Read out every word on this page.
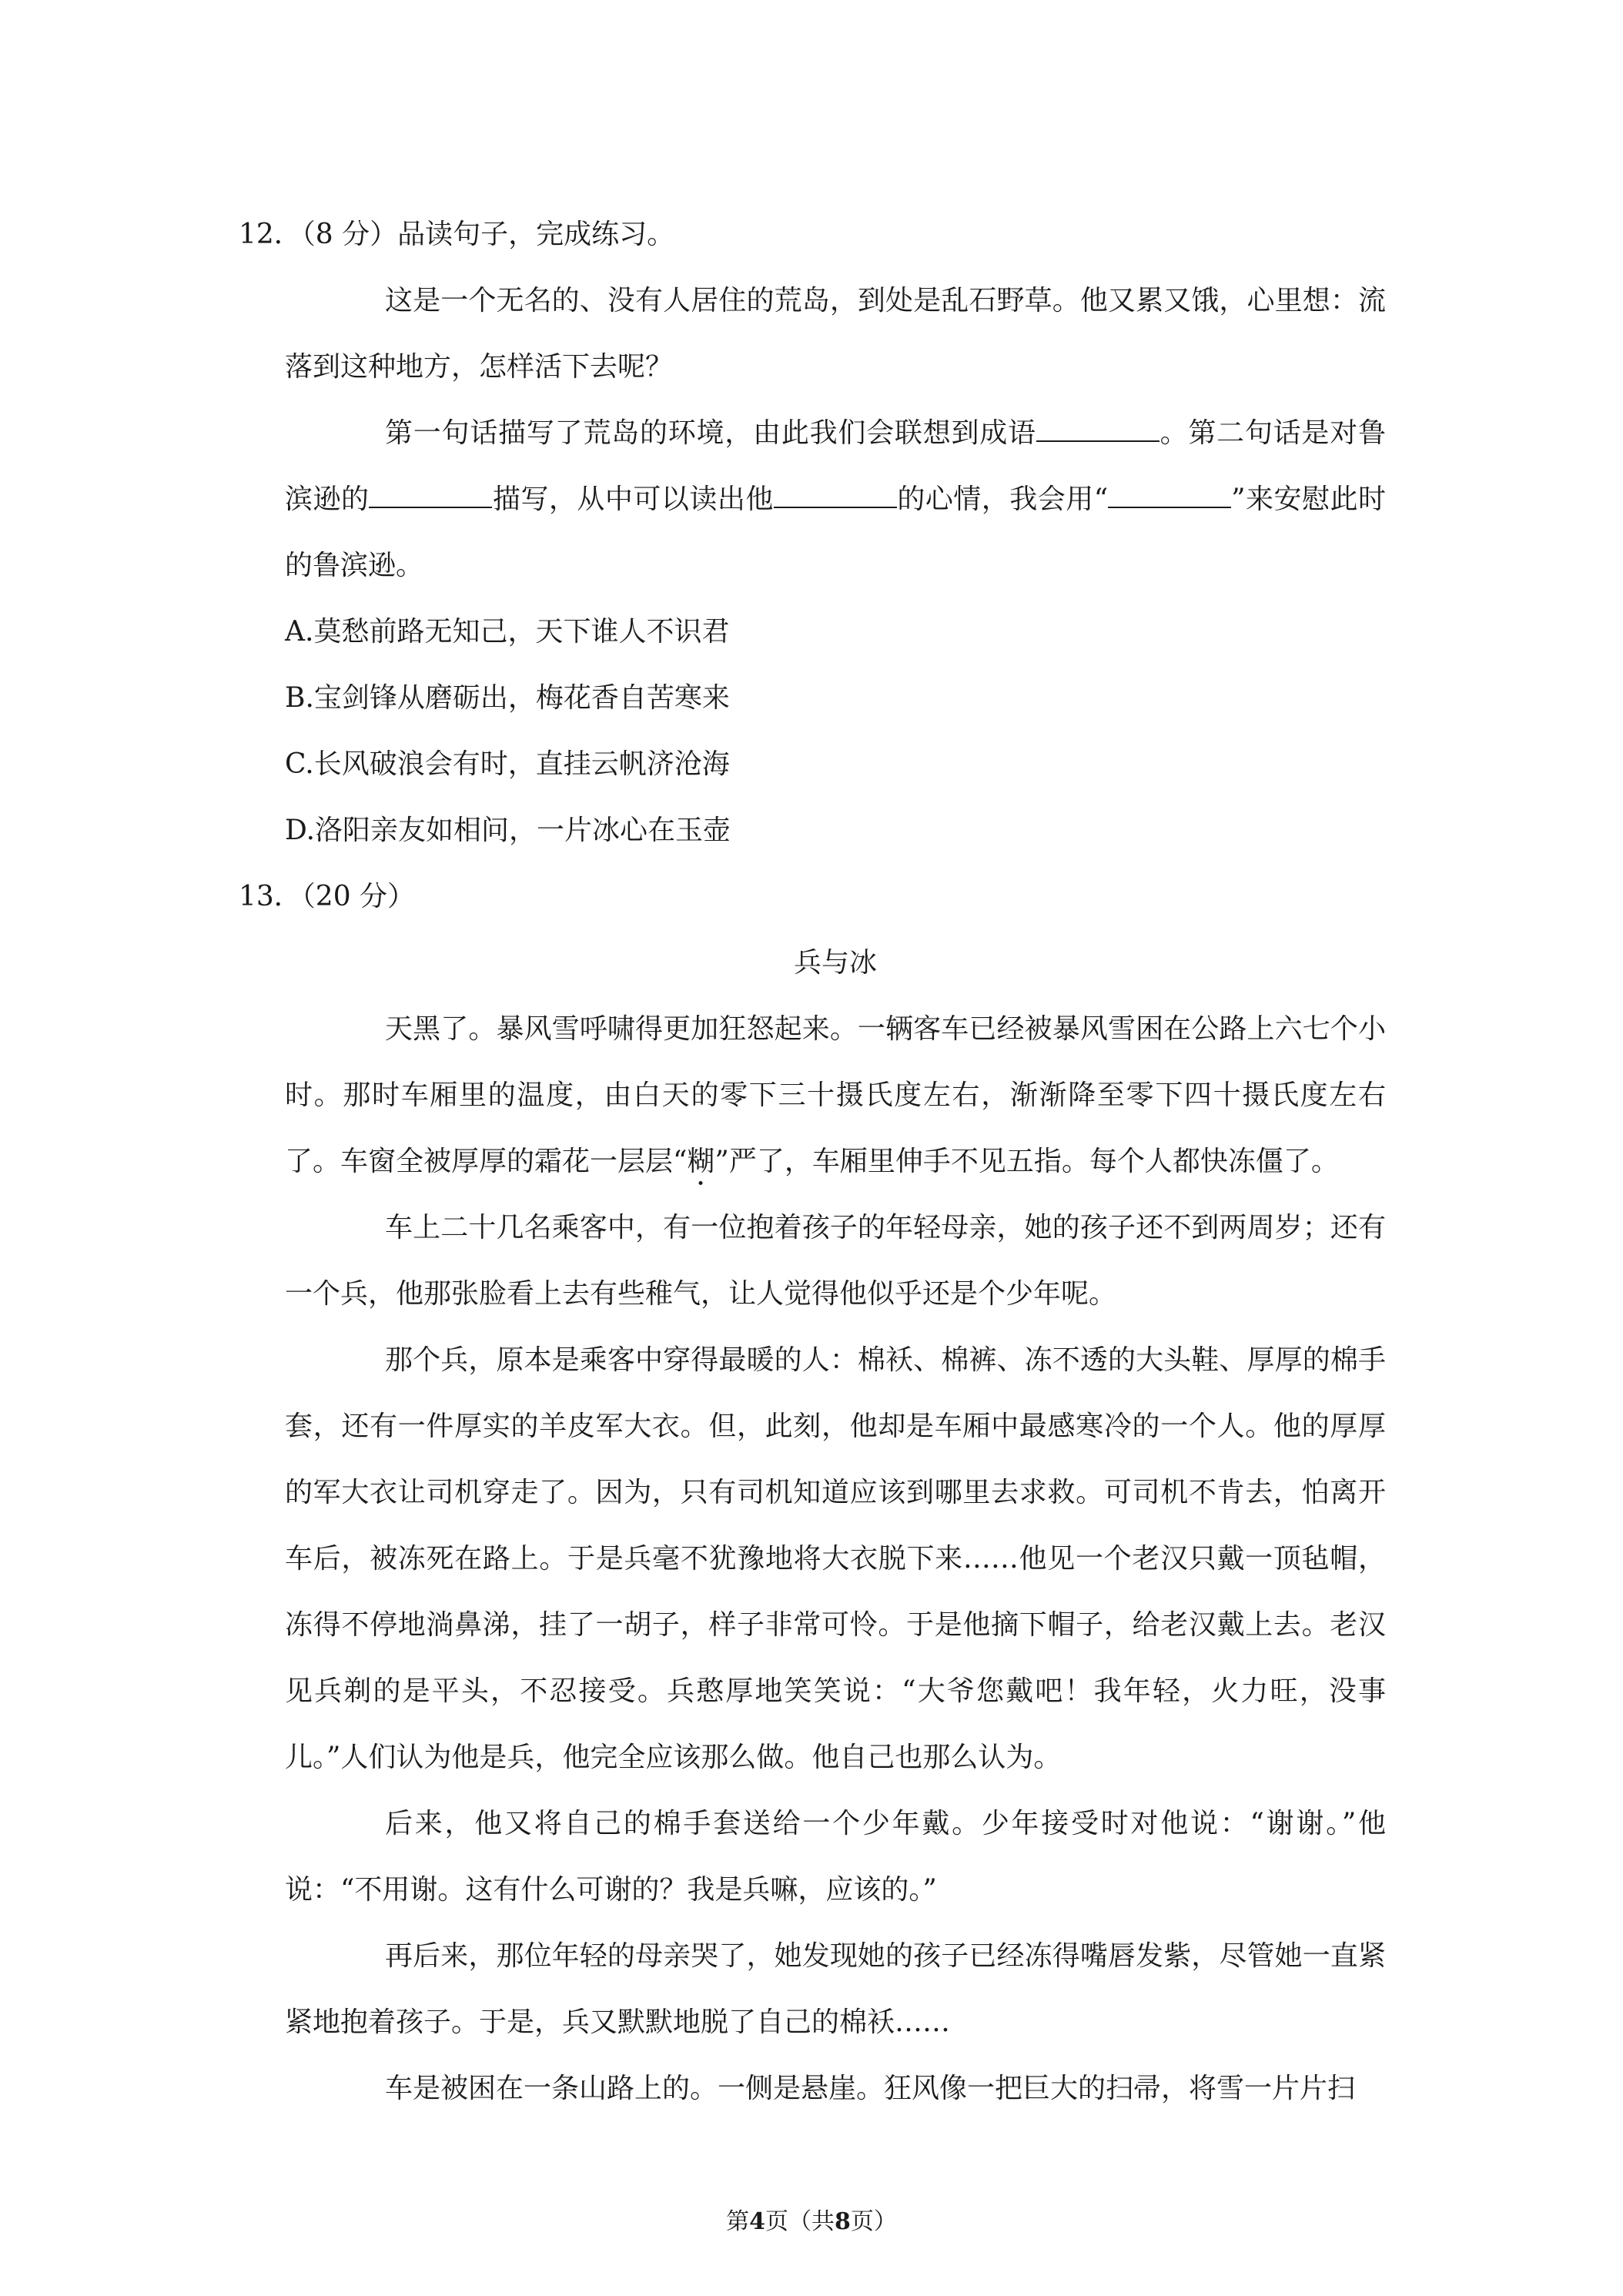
12．（8 分）品读句子，完成练习。

这是一个无名的、没有人居住的荒岛，到处是乱石野草。他又累又饿，心里想：流落到这种地方，怎样活下去呢？

第一句话描写了荒岛的环境，由此我们会联想到成语	。第二句话是对鲁滨逊的	描写，从中可以读出他	的心情，我会用“	”来安慰此时的鲁滨逊。

A.莫愁前路无知己，天下谁人不识君

B.宝剑锋从磨砺出，梅花香自苦寒来

C.长风破浪会有时，直挂云帆济沧海

D.洛阳亲友如相问，一片冰心在玉壶

13．（20 分）

兵与冰

天黑了。暴风雪呼啸得更加狂怒起来。一辆客车已经被暴风雪困在公路上六七个小时。那时车厢里的温度，由白天的零下三十摄氏度左右，渐渐降至零下四十摄氏度左右了。车窗全被厚厚的霜花一层层“糊”严了，车厢里伸手不见五指。每个人都快冻僵了。

车上二十几名乘客中，有一位抱着孩子的年轻母亲，她的孩子还不到两周岁；还有一个兵，他那张脸看上去有些稚气，让人觉得他似乎还是个少年呢。

那个兵，原本是乘客中穿得最暖的人：棉袄、棉裤、冻不透的大头鞋、厚厚的棉手套，还有一件厚实的羊皮军大衣。但，此刻，他却是车厢中最感寒冷的一个人。他的厚厚的军大衣让司机穿走了。因为，只有司机知道应该到哪里去求救。可司机不肯去，怕离开车后，被冻死在路上。于是兵毫不犹豫地将大衣脱下来……他见一个老汉只戴一顶毡帽，冻得不停地淌鼻涕，挂了一胡子，样子非常可怜。于是他摘下帽子，给老汉戴上去。老汉见兵剃的是平头，不忍接受。兵憨厚地笑笑说：“大爷您戴吧！我年轻，火力旺，没事儿。”人们认为他是兵，他完全应该那么做。他自己也那么认为。

后来，他又将自己的棉手套送给一个少年戴。少年接受时对他说：“谢谢。”他说：“不用谢。这有什么可谢的？我是兵嘛，应该的。”

再后来，那位年轻的母亲哭了，她发现她的孩子已经冻得嘴唇发紫，尽管她一直紧紧地抱着孩子。于是，兵又默默地脱了自己的棉袄……

车是被困在一条山路上的。一侧是悬崖。狂风像一把巨大的扫帚，将雪一片片扫

第4页（共8页）
